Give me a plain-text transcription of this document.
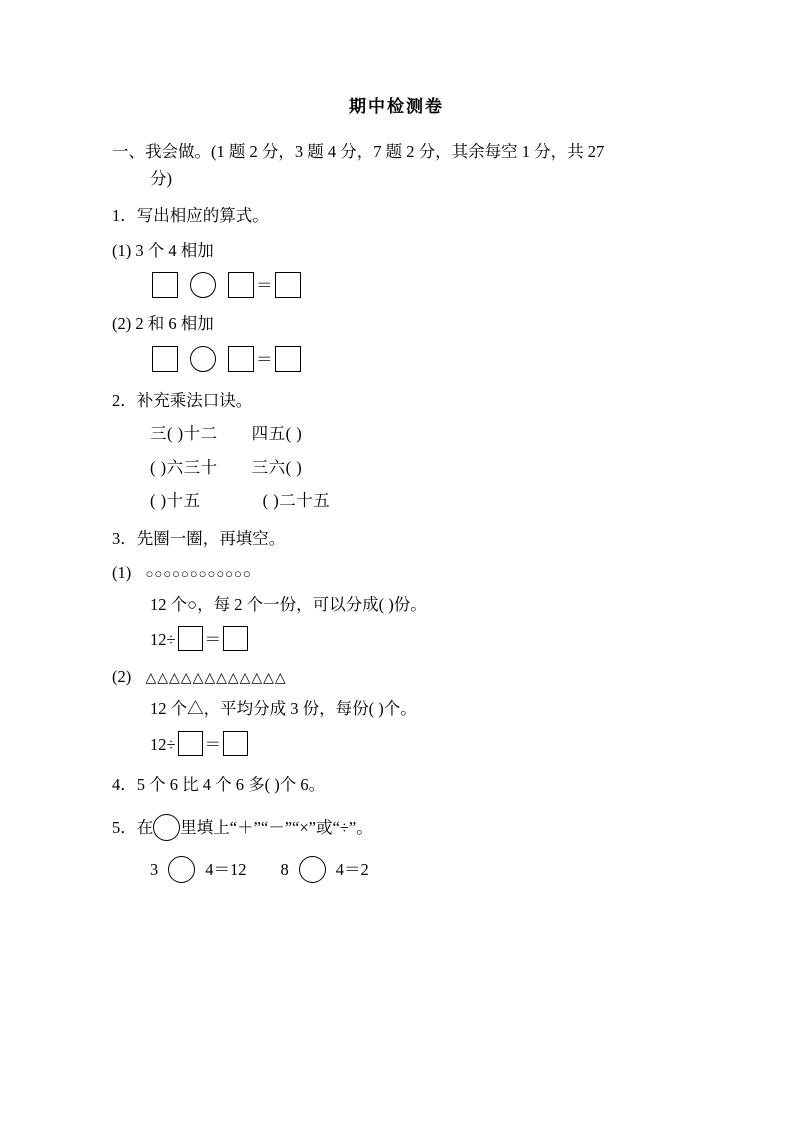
期中检测卷
一、我会做。(1 题 2 分，3 题 4 分，7 题 2 分，其余每空 1 分，共 27
分)
1．写出相应的算式。
(1) 3 个 4 相加
＝
(2) 2 和 6 相加
＝
2．补充乘法口诀。
三( )十二 四五( )
( )六三十 三六( )
( )十五	( )二十五
3．先圈一圈，再填空。
(1) ○○○○○○○○○○○○
12 个○，每 2 个一份，可以分成( )份。
12÷ ＝
(2) △△△△△△△△△△△△
12 个△，平均分成 3 份，每份( )个。
12÷ ＝
4．5 个 6 比 4 个 6 多( )个 6。
5．在 里填上“＋”“－”“×”或“÷”。
3	4＝12 8	4＝2
